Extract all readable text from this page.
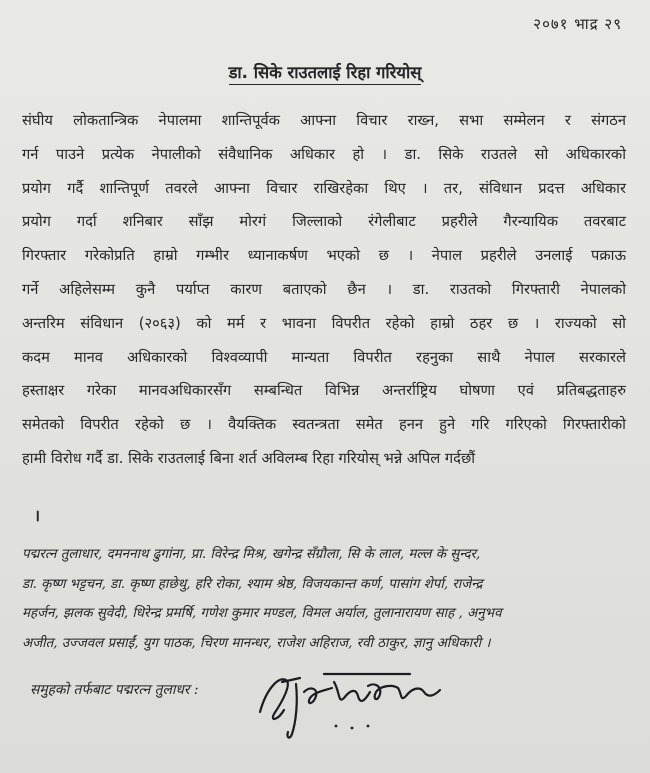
२०७१ भाद्र २९
डा. सिके राउतलाई रिहा गरियोस्
संघीय लोकतान्त्रिक नेपालमा शान्तिपूर्वक आफ्ना विचार राख्न, सभा सम्मेलन र संगठन
गर्न पाउने प्रत्येक नेपालीको संवैधानिक अधिकार हो । डा. सिके राउतले सो अधिकारको
प्रयोग गर्दै शान्तिपूर्ण तवरले आफ्ना विचार राखिरहेका थिए । तर, संविधान प्रदत्त अधिकार
प्रयोग गर्दा शनिबार साँझ मोरगं जिल्लाको रंगेलीबाट प्रहरीले गैरन्यायिक तवरबाट
गिरफ्तार गरेकोप्रति हाम्रो गम्भीर ध्यानाकर्षण भएको छ । नेपाल प्रहरीले उनलाई पक्राऊ
गर्ने अहिलेसम्म कुनै पर्याप्त कारण बताएको छैन । डा. राउतको गिरफ्तारी नेपालको
अन्तरिम संविधान (२०६३) को मर्म र भावना विपरीत रहेको हाम्रो ठहर छ । राज्यको सो
कदम मानव अधिकारको विश्वव्यापी मान्यता विपरीत रहनुका साथै नेपाल सरकारले
हस्ताक्षर गरेका मानवअधिकारसँग सम्बन्धित विभिन्न अन्तर्राष्ट्रिय घोषणा एवं प्रतिबद्धताहरु
समेतको विपरीत रहेको छ । वैयक्तिक स्वतन्त्रता समेत हनन हुने गरि गरिएको गिरफ्तारीको
हामी विरोध गर्दै डा. सिके राउतलाई बिना शर्त अविलम्ब रिहा गरियोस् भन्ने अपिल गर्दछौं
।
पद्मरत्न तुलाधार, दमननाथ ढुगांना, प्रा. विरेन्द्र मिश्र, खगेन्द्र सँग्रौला, सि के लाल, मल्ल के सुन्दर,
डा. कृष्ण भट्टचन, डा. कृष्ण हाछेथु, हरि रोका, श्याम श्रेष्ठ, विजयकान्त कर्ण, पासांग शेर्पा, राजेन्द्र
महर्जन, झलक सुवेदी, धिरेन्द्र प्रमर्षि, गणेश कुमार मण्डल, विमल अर्याल, तुलानारायण साह , अनुभव
अजीत, उज्जवल प्रसाईं, युग पाठक, चिरण मानन्धर, राजेश अहिराज, रवी ठाकुर, ज्ञानु अधिकारी ।
समुहको तर्फबाट पद्मरत्न तुलाधर :
